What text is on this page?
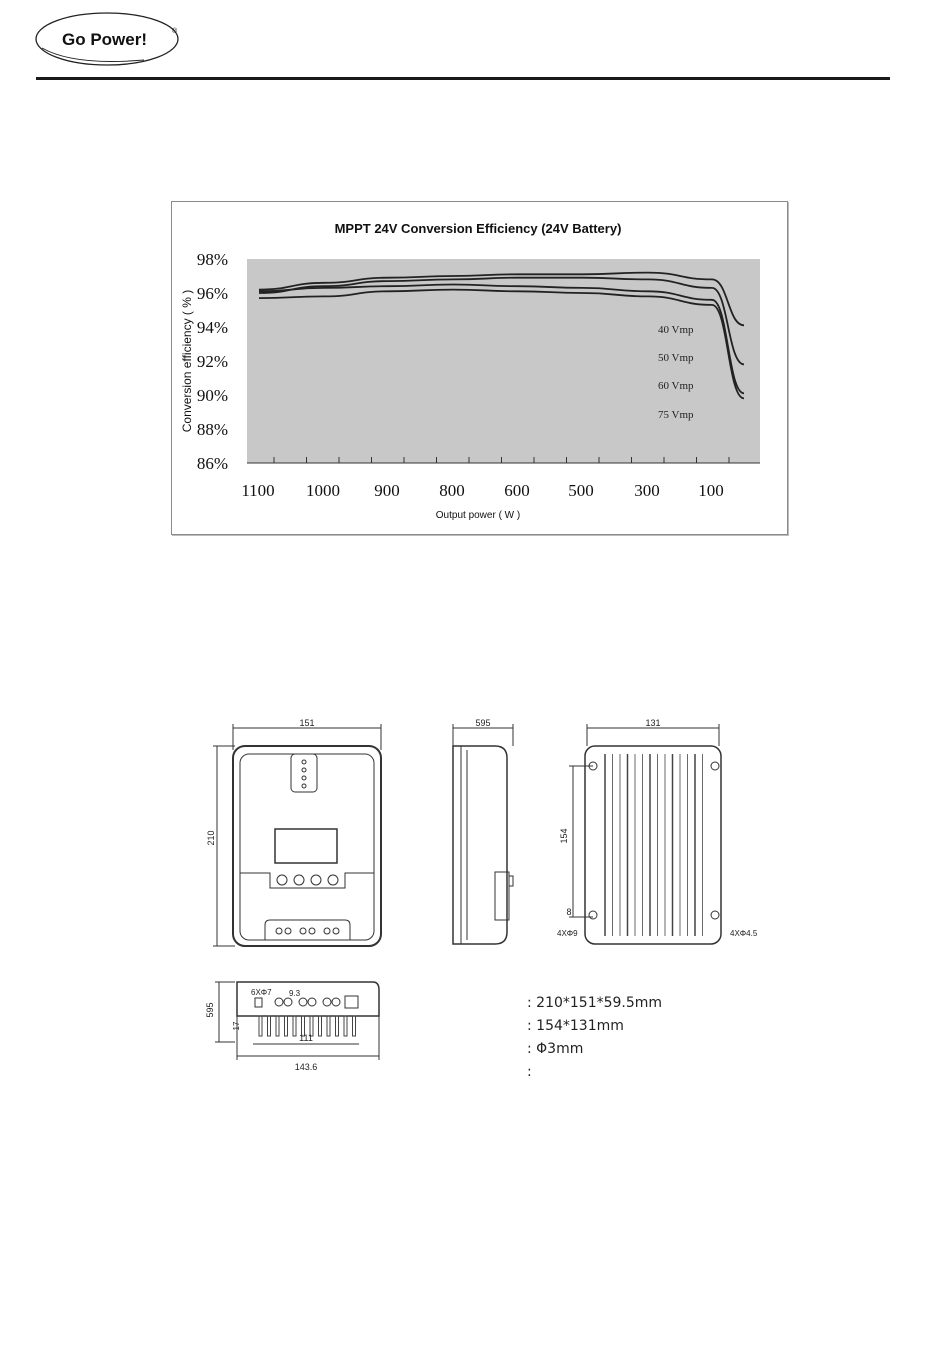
Go Power!	®
MPPT 24V Conversion Efficiency (24V Battery)
98%
96%
94%
92%
90%
88%
86%
1100 1000 900 800 600 500 300 100
40 Vmp
50 Vmp
60 Vmp
75 Vmp
Output power ( W )
Conversion efficiency ( % )
151
210
595	131
154
8
4XΦ9	4XΦ4.5
6XΦ7 9.3
595
17
111
143.6
: 210*151*59.5mm
: 154*131mm
: Φ3mm
:
